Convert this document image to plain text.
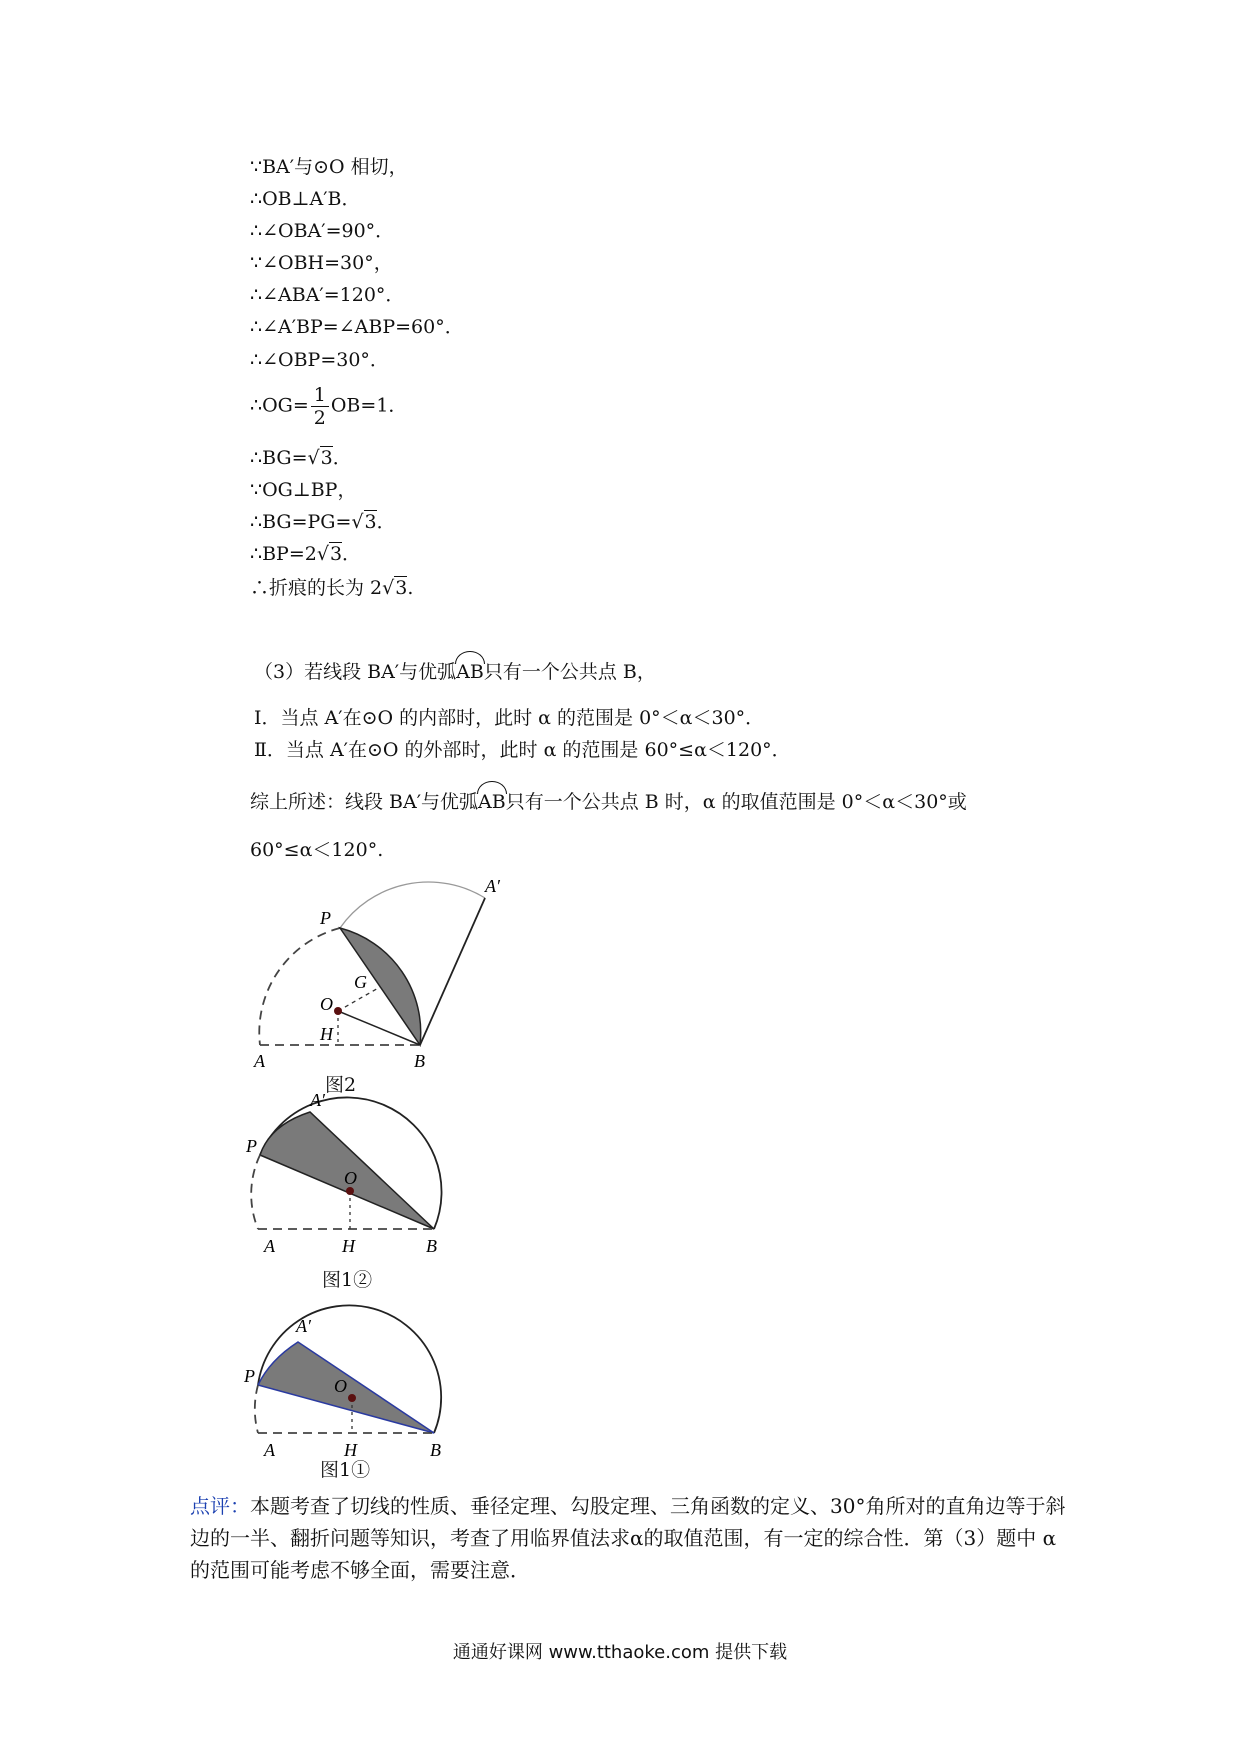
∵BA′与⊙O 相切，
∴OB⊥A′B．
∴∠OBA′=90°．
∵∠OBH=30°，
∴∠ABA′=120°．
∴∠A′BP=∠ABP=60°．
∴∠OBP=30°．
∴OG= $\frac{1}{2} OB=1$．
∴BG=√3．
∵OG⊥BP，
∴BG=PG=√3．
∴BP=2√3．
∴折痕的长为 2√3.
（3）若线段 BA′与优弧AB只有一个公共点 B，
Ⅰ．当点 A′在⊙O 的内部时，此时 α 的范围是 0°＜α＜30°．
Ⅱ．当点 A′在⊙O 的外部时，此时 α 的范围是 60°≤α＜120°．
综上所述：线段 BA′与优弧AB只有一个公共点 B 时，α 的取值范围是 0°＜α＜30°或
60°≤α＜120°.
P
A′
G
O
H
A	B
图2
A′
P
O
H
A	B
图1②
A′
P	O
H
A	B
图1①
点评：本题考查了切线的性质、垂径定理、勾股定理、三角函数的定义、30°角所对的直角边等于斜边的一半、翻折问题等知识，考查了用临界值法求α的取值范围，有一定的综合性．第（3）题中 α 的范围可能考虑不够全面，需要注意．
通通好课网 www.tthaoke.com 提供下载
